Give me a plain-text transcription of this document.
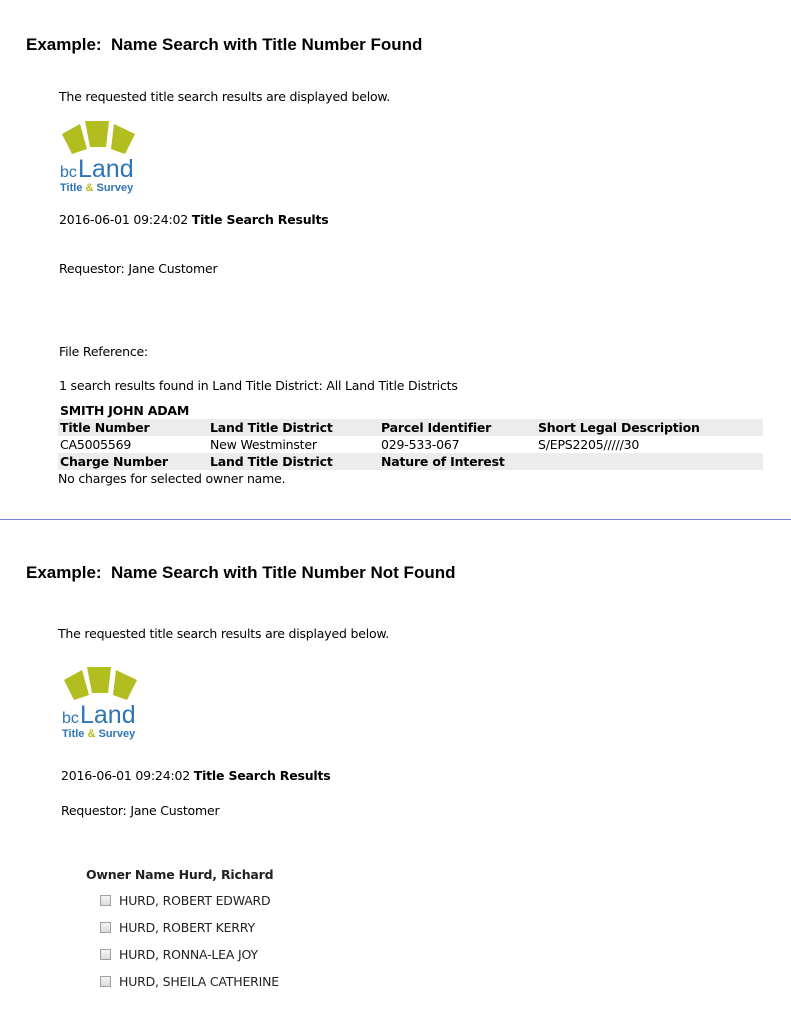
Example:  Name Search with Title Number Found
The requested title search results are displayed below.
bc Land
Title & Survey
2016-06-01 09:24:02 Title Search Results
Requestor: Jane Customer
File Reference:
1 search results found in Land Title District: All Land Title Districts
SMITH JOHN ADAM
Title Number	Land Title District	Parcel Identifier	Short Legal Description
CA5005569	New Westminster	029-533-067	S/EPS2205/////30
Charge Number	Land Title District	Nature of Interest
No charges for selected owner name.
Example:  Name Search with Title Number Not Found
The requested title search results are displayed below.
bc Land
Title & Survey
2016-06-01 09:24:02 Title Search Results
Requestor: Jane Customer
Owner Name Hurd, Richard
HURD, ROBERT EDWARD
HURD, ROBERT KERRY
HURD, RONNA-LEA JOY
HURD, SHEILA CATHERINE
